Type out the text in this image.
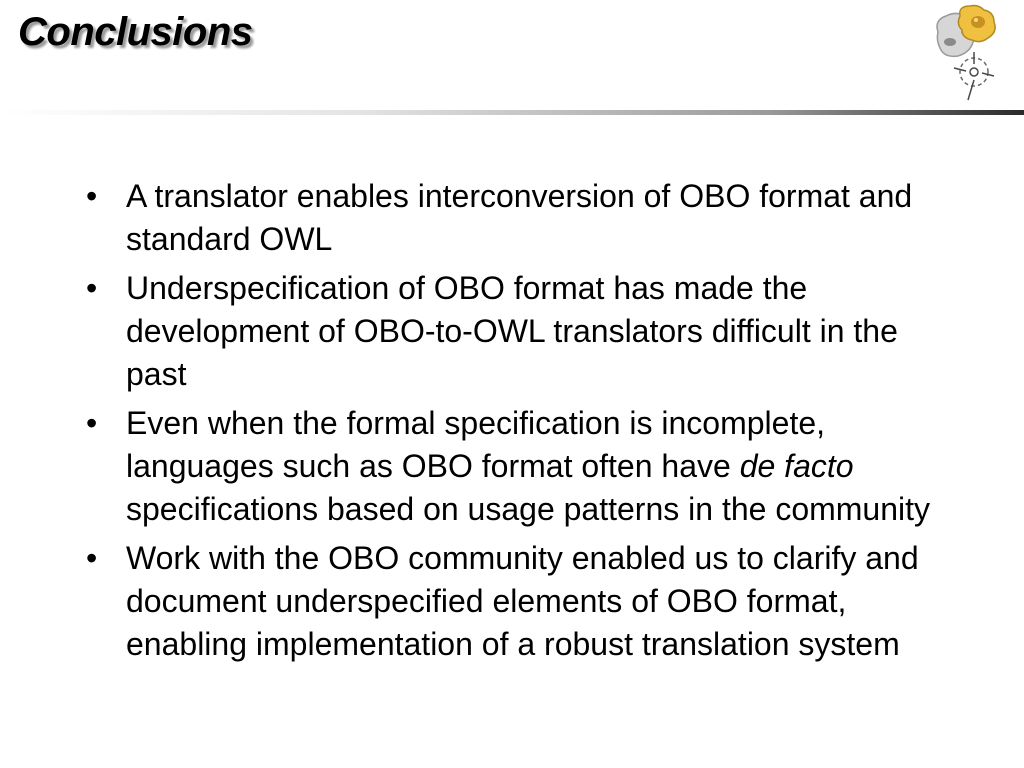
Conclusions
• A translator enables interconversion of OBO format and standard OWL
• Underspecification of OBO format has made the development of OBO-to-OWL translators difficult in the past
• Even when the formal specification is incomplete, languages such as OBO format often have de facto specifications based on usage patterns in the community
• Work with the OBO community enabled us to clarify and document underspecified elements of OBO format, enabling implementation of a robust translation system
